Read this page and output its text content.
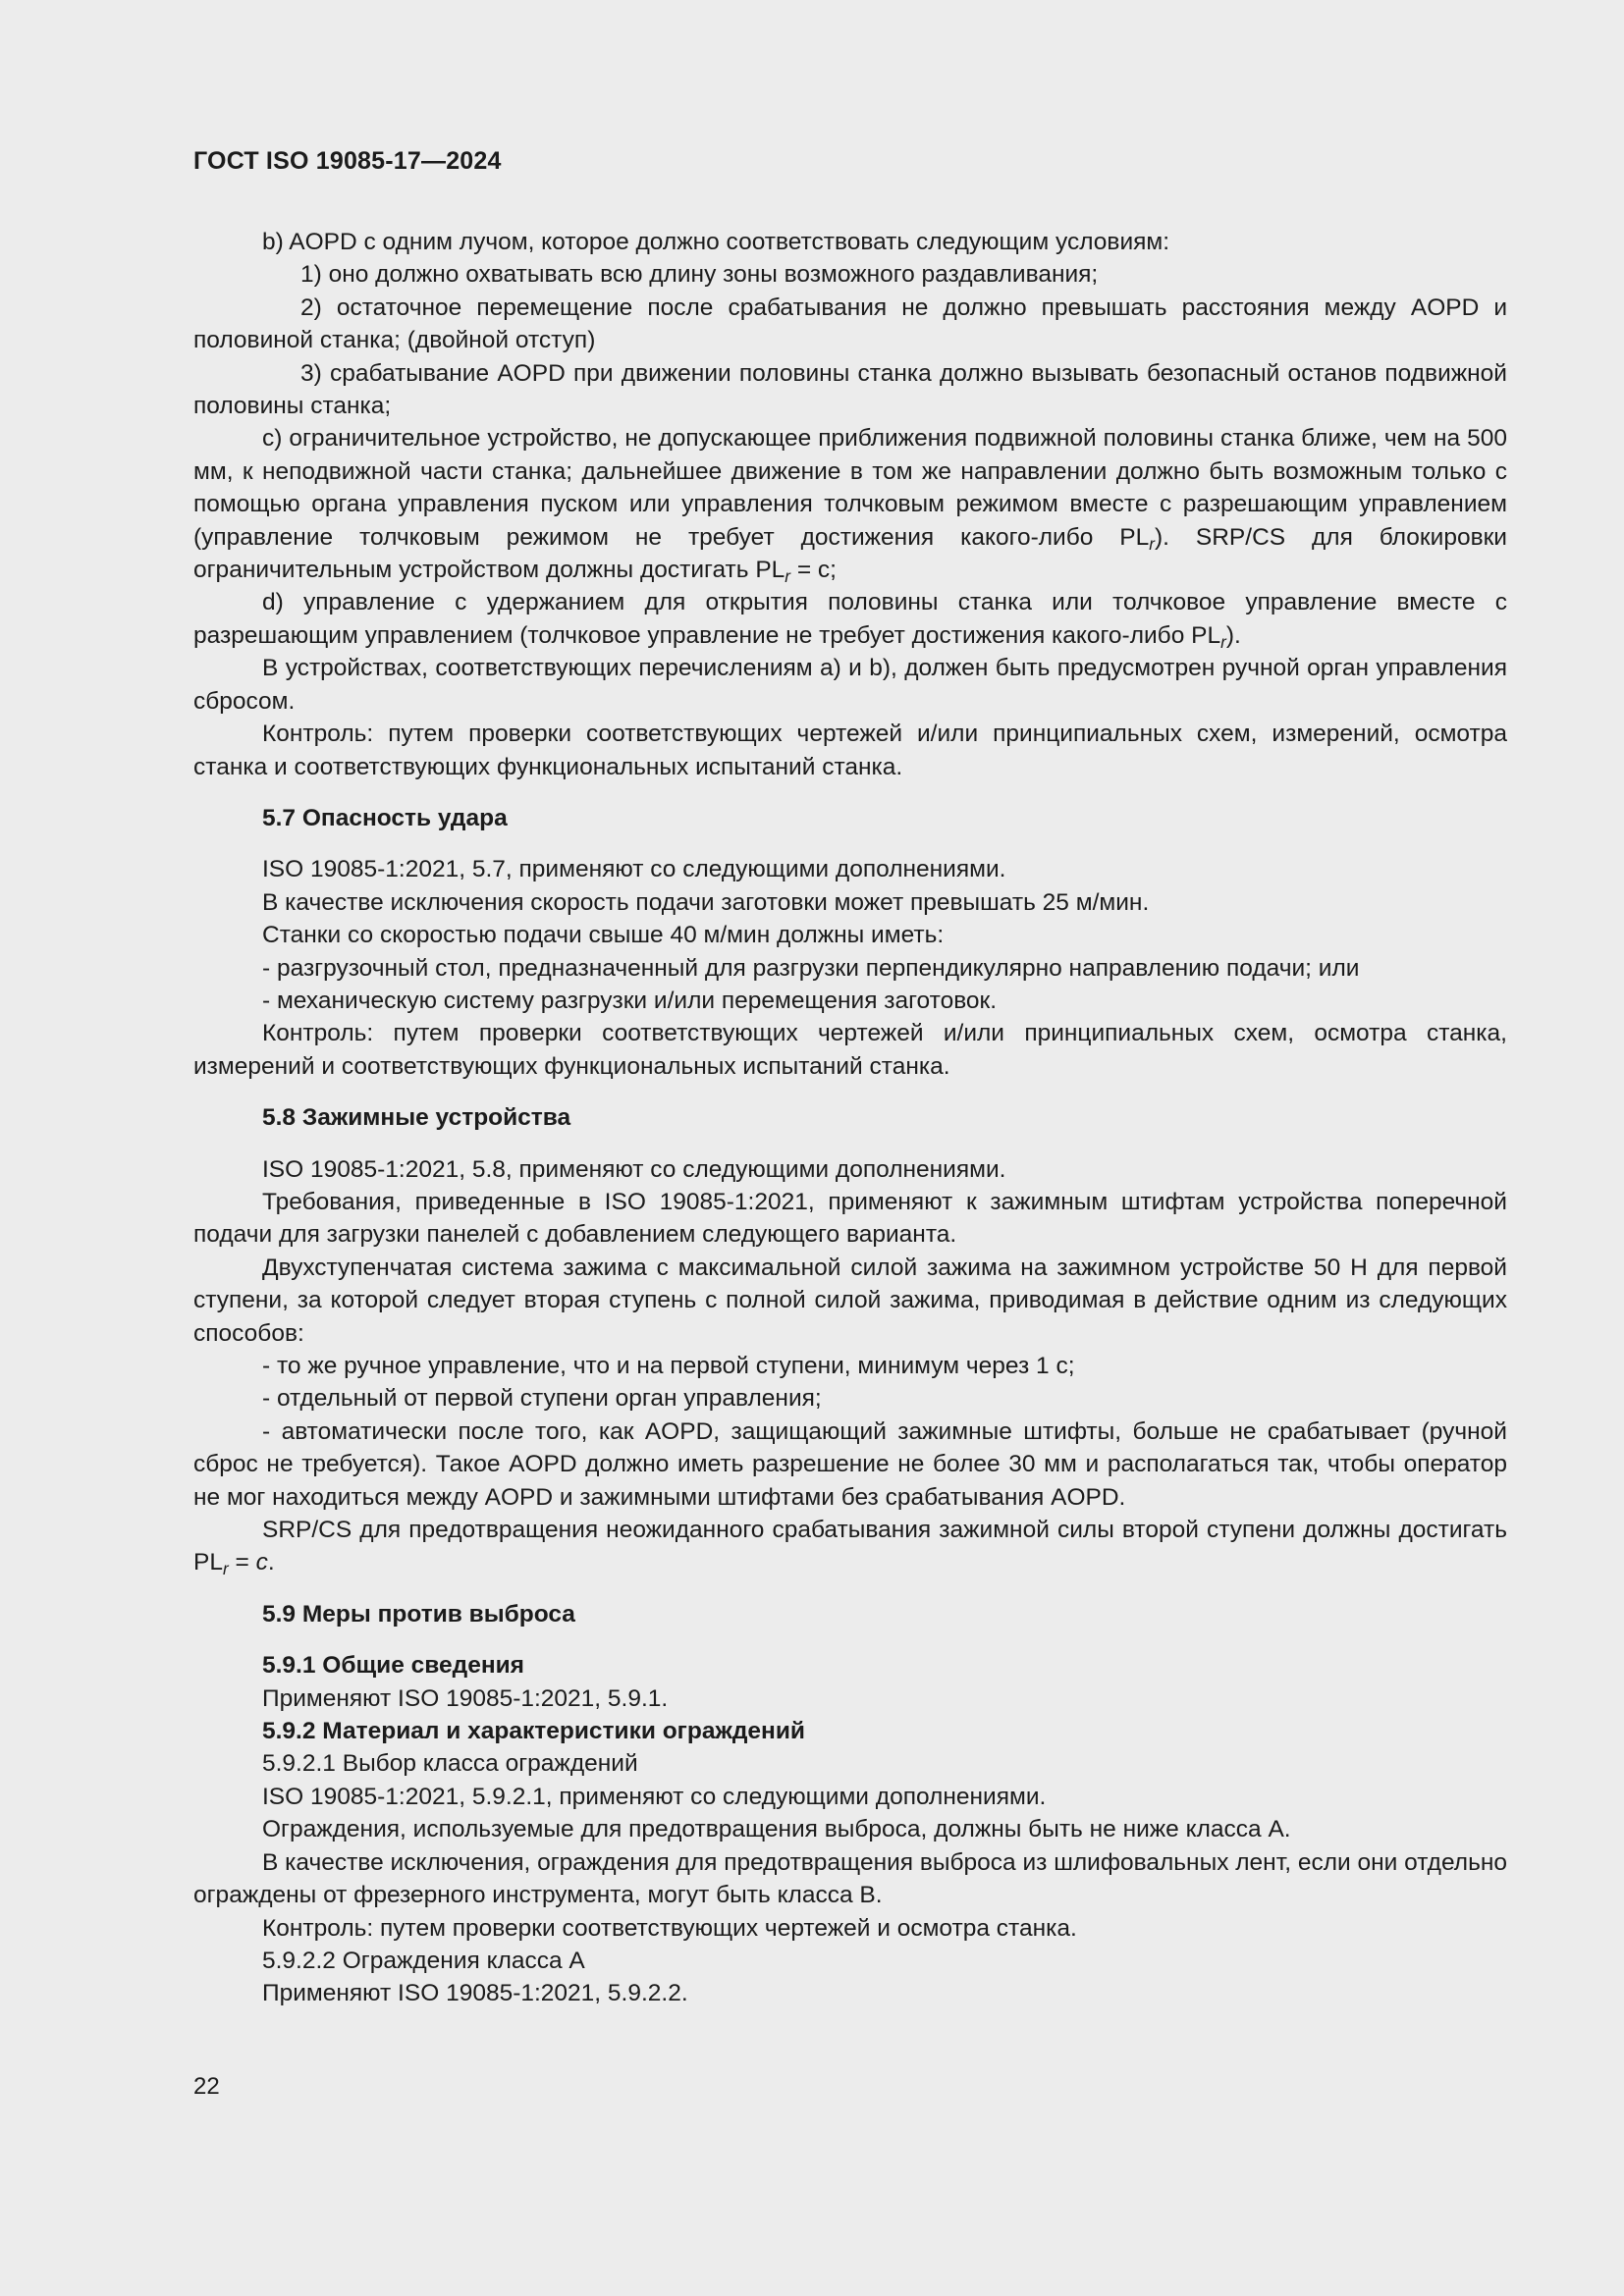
ГОСТ ISO 19085-17—2024

b) AOPD с одним лучом, которое должно соответствовать следующим условиям:

1) оно должно охватывать всю длину зоны возможного раздавливания;

2) остаточное перемещение после срабатывания не должно превышать расстояния между AOPD и половиной станка; (двойной отступ)

3) срабатывание AOPD при движении половины станка должно вызывать безопасный останов подвижной половины станка;

c) ограничительное устройство, не допускающее приближения подвижной половины станка ближе, чем на 500 мм, к неподвижной части станка; дальнейшее движение в том же направлении должно быть возможным только с помощью органа управления пуском или управления толчковым режимом вместе с разрешающим управлением (управление толчковым режимом не требует достижения какого-либо $PL_r$). SRP/CS для блокировки ограничительным устройством должны достигать $PL_r = c$;

d) управление с удержанием для открытия половины станка или толчковое управление вместе с разрешающим управлением (толчковое управление не требует достижения какого-либо $PL_r$).

В устройствах, соответствующих перечислениям a) и b), должен быть предусмотрен ручной орган управления сбросом.

Контроль: путем проверки соответствующих чертежей и/или принципиальных схем, измерений, осмотра станка и соответствующих функциональных испытаний станка.

5.7 Опасность удара

ISO 19085-1:2021, 5.7, применяют со следующими дополнениями.

В качестве исключения скорость подачи заготовки может превышать 25 м/мин.

Станки со скоростью подачи свыше 40 м/мин должны иметь:

- разгрузочный стол, предназначенный для разгрузки перпендикулярно направлению подачи; или

- механическую систему разгрузки и/или перемещения заготовок.

Контроль: путем проверки соответствующих чертежей и/или принципиальных схем, осмотра станка, измерений и соответствующих функциональных испытаний станка.

5.8 Зажимные устройства

ISO 19085-1:2021, 5.8, применяют со следующими дополнениями.

Требования, приведенные в ISO 19085-1:2021, применяют к зажимным штифтам устройства поперечной подачи для загрузки панелей с добавлением следующего варианта.

Двухступенчатая система зажима с максимальной силой зажима на зажимном устройстве 50 Н для первой ступени, за которой следует вторая ступень с полной силой зажима, приводимая в действие одним из следующих способов:

- то же ручное управление, что и на первой ступени, минимум через 1 с;

- отдельный от первой ступени орган управления;

- автоматически после того, как AOPD, защищающий зажимные штифты, больше не срабатывает (ручной сброс не требуется). Такое AOPD должно иметь разрешение не более 30 мм и располагаться так, чтобы оператор не мог находиться между AOPD и зажимными штифтами без срабатывания AOPD.

SRP/CS для предотвращения неожиданного срабатывания зажимной силы второй ступени должны достигать $PL_r = c$.

5.9 Меры против выброса

5.9.1 Общие сведения

Применяют ISO 19085-1:2021, 5.9.1.

5.9.2 Материал и характеристики ограждений

5.9.2.1 Выбор класса ограждений

ISO 19085-1:2021, 5.9.2.1, применяют со следующими дополнениями.

Ограждения, используемые для предотвращения выброса, должны быть не ниже класса А.

В качестве исключения, ограждения для предотвращения выброса из шлифовальных лент, если они отдельно ограждены от фрезерного инструмента, могут быть класса В.

Контроль: путем проверки соответствующих чертежей и осмотра станка.

5.9.2.2 Ограждения класса А

Применяют ISO 19085-1:2021, 5.9.2.2.

22
